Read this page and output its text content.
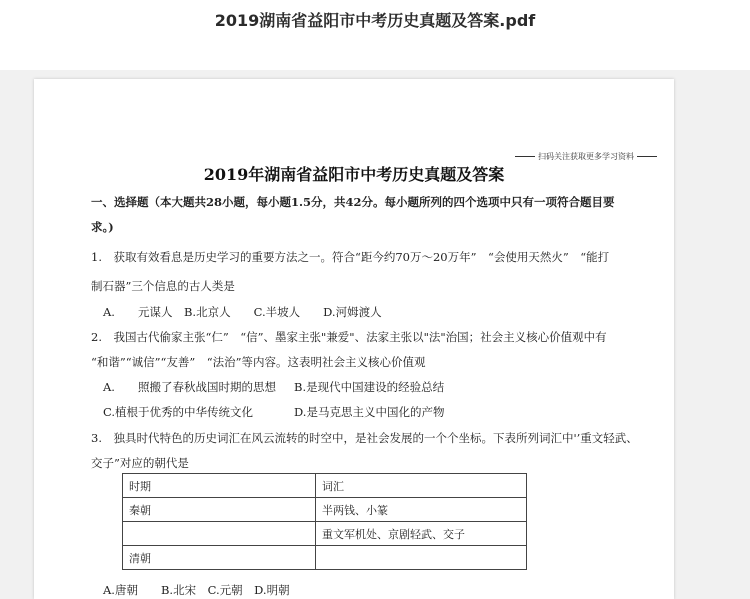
2019湖南省益阳市中考历史真题及答案.pdf
扫码关注获取更多学习资料
2019年湖南省益阳市中考历史真题及答案
一、选择题（本大题共28小题，每小题1.5分，共42分。每小题所列的四个选项中只有一项符合题目要
求。)
1.　获取有效看息是历史学习的重要方法之一。符合“距今约70万～20万年”　“会使用天然火”　“能打
制石器”三个信息的古人类是
A.　　元谋人　B.北京人　　C.半坡人　　D.河姆渡人
2.　我国古代偷家主张“仁”　“信”、墨家主张"兼爱"、法家主张以"法"治国；社会主义核心价值观中有
“和谐”“诚信”“友善”　“法治”等内容。这表明社会主义核心价值观
A.　　照搬了春秋战国时期的思想 B.是现代中国建设的经验总结
C.植根于优秀的中华传统文化	D.是马克思主义中国化的产物
3.　独具时代特色的历史词汇在风云流转的时空中，是社会发展的一个个坐标。下表所列词汇中'’重文轻武、
交子”对应的朝代是
时期	词汇
秦朝	半两钱、小篆
	重文军机处、京剧轻武、交子
清朝	
A.唐朝　　B.北宋　C.元朝　D.明朝
